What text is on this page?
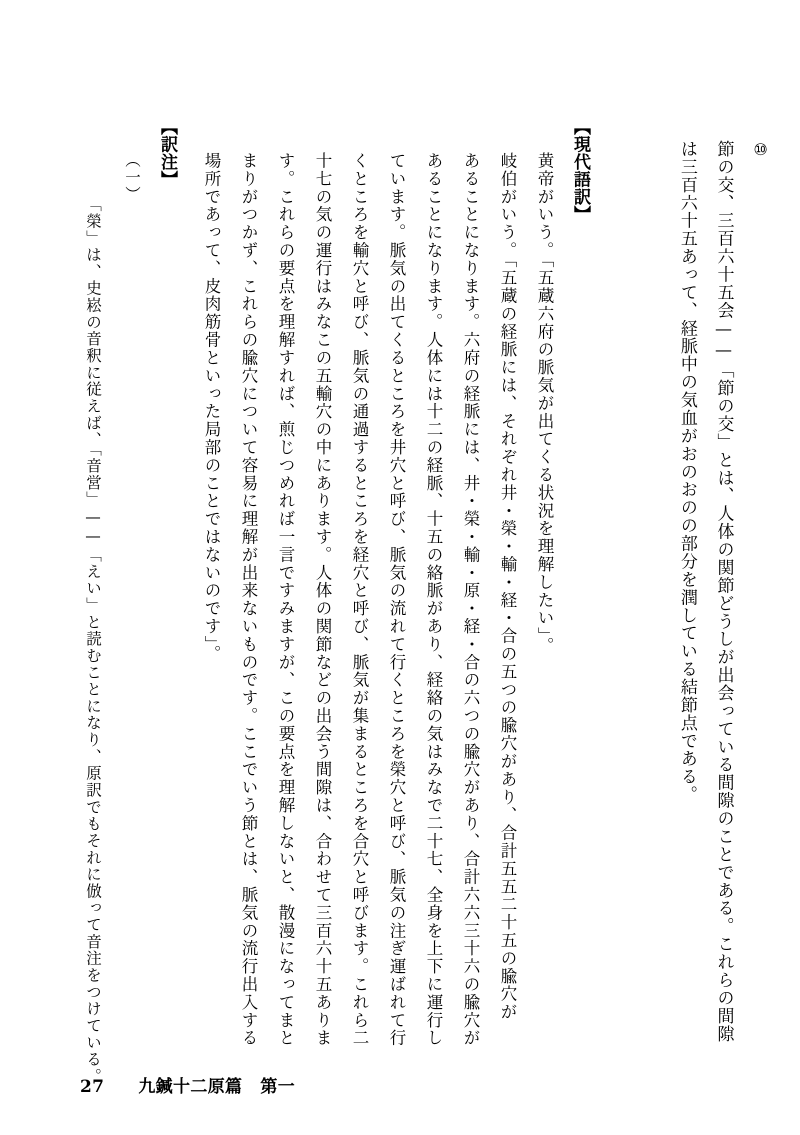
⑩
節の交、三百六十五会——「節の交」とは、人体の関節どうしが出会っている間隙のことである。これらの間隙
は三百六十五あって、経脈中の気血がおのおのの部分を潤している結節点である。
【現代語訳】
黄帝がいう。「五蔵六府の脈気が出てくる状況を理解したい」。
岐伯がいう。「五蔵の経脈には、それぞれ井・榮・輸・経・合の五つの腧穴があり、合計五五二十五の腧穴が
あることになります。六府の経脈には、井・榮・輸・原・経・合の六つの腧穴があり、合計六六三十六の腧穴が
あることになります。人体には十二の経脈、十五の絡脈があり、経絡の気はみなで二十七、全身を上下に運行し
ています。脈気の出てくるところを井穴と呼び、脈気の流れて行くところを榮穴と呼び、脈気の注ぎ運ばれて行
くところを輸穴と呼び、脈気の通過するところを経穴と呼び、脈気が集まるところを合穴と呼びます。これら二
十七の気の運行はみなこの五輸穴の中にあります。人体の関節などの出会う間隙は、合わせて三百六十五ありま
す。これらの要点を理解すれば、煎じつめれば一言ですみますが、この要点を理解しないと、散漫になってまと
まりがつかず、これらの腧穴について容易に理解が出来ないものです。ここでいう節とは、脈気の流行出入する
場所であって、皮肉筋骨といった局部のことではないのです」。
【訳注】
（一）
「榮」は、史崧の音釈に従えば、「音営」——「えい」と読むことになり、原訳でもそれに倣って音注をつけている。
27 九鍼十二原篇 第一
